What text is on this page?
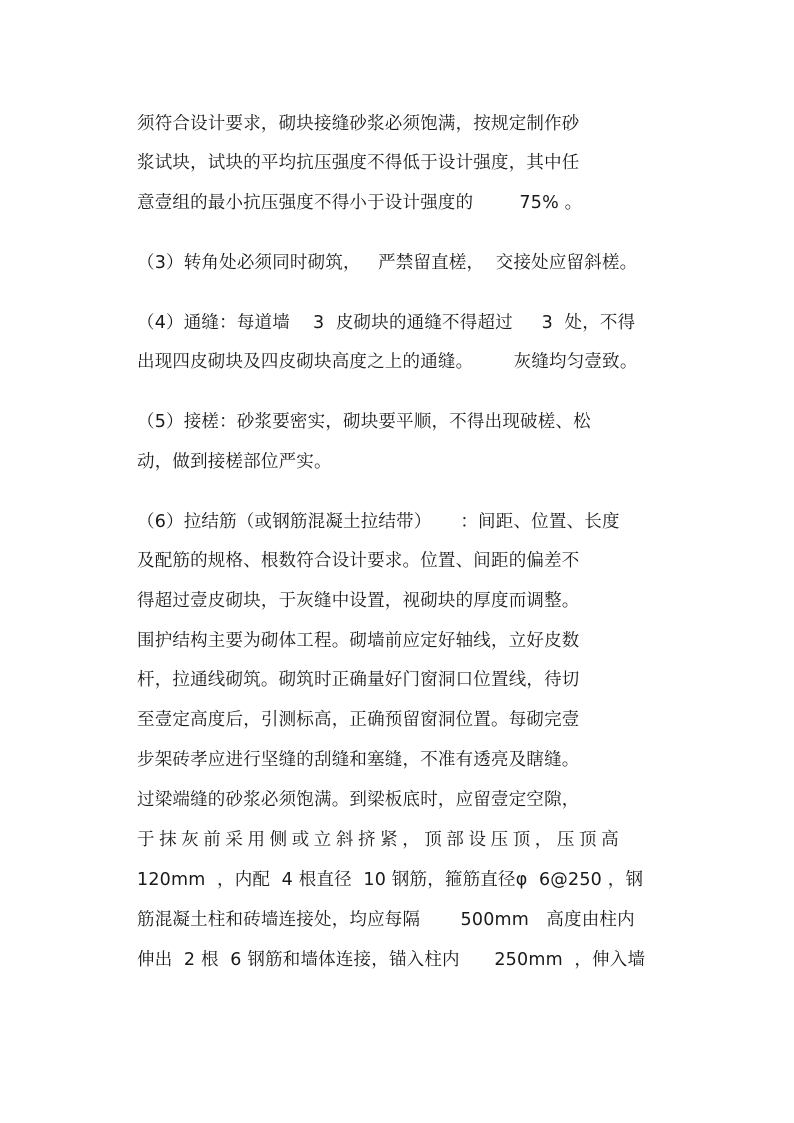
须符合设计要求，砌块接缝砂浆必须饱满，按规定制作砂
浆试块，试块的平均抗压强度不得低于设计强度，其中任
意壹组的最小抗压强度不得小于设计强度的        75% 。
（3）转角处必须同时砌筑，   严禁留直槎，  交接处应留斜槎。
（4）通缝：每道墙    3  皮砌块的通缝不得超过     3  处，不得
出现四皮砌块及四皮砌块高度之上的通缝。       灰缝均匀壹致。
（5）接槎：砂浆要密实，砌块要平顺，不得出现破槎、松
动，做到接槎部位严实。
（6）拉结筋（或钢筋混凝土拉结带）     ：间距、位置、长度
及配筋的规格、根数符合设计要求。位置、间距的偏差不
得超过壹皮砌块，于灰缝中设置，视砌块的厚度而调整。
围护结构主要为砌体工程。砌墙前应定好轴线，立好皮数
杆，拉通线砌筑。砌筑时正确量好门窗洞口位置线，待切
至壹定高度后，引测标高，正确预留窗洞位置。每砌完壹
步架砖孝应进行坚缝的刮缝和塞缝，不准有透亮及瞎缝。
过梁端缝的砂浆必须饱满。到梁板底时，应留壹定空隙，
于抹灰前采用侧或立斜挤紧，顶部设压顶，压顶高
120mm  ，内配  4 根直径  10 钢筋，箍筋直径φ  6@250 ，钢
筋混凝土柱和砖墙连接处，均应每隔       500mm   高度由柱内
伸出  2 根  6 钢筋和墙体连接，锚入柱内      250mm  ，伸入墙
